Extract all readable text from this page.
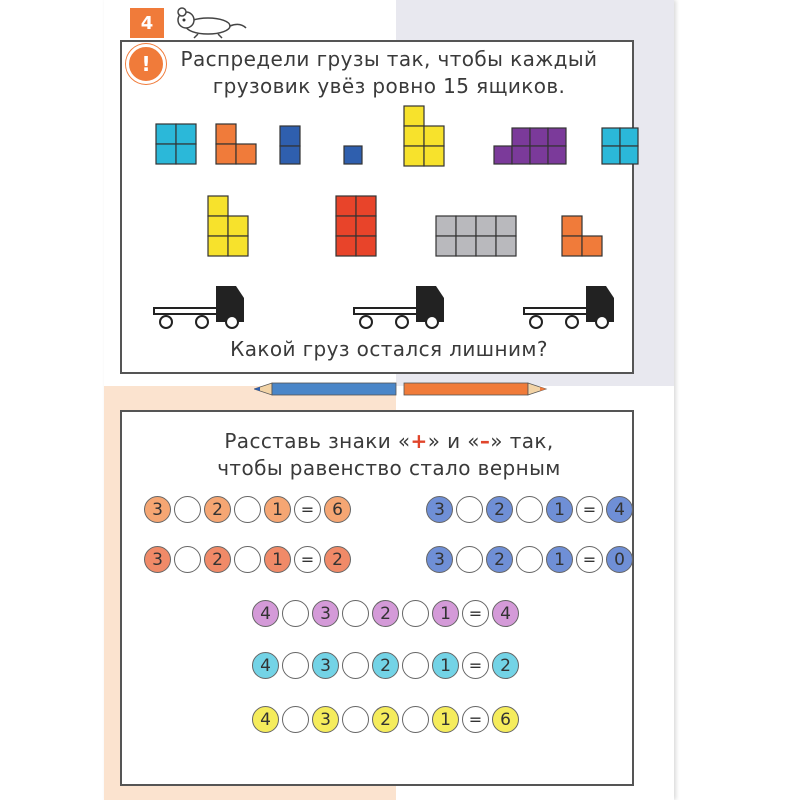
4
!	Распредели грузы так, чтобы каждый
грузовик увёз ровно 15 ящиков.
Какой груз остался лишним?
Расставь знаки «+» и «–» так,
чтобы равенство стало верным
3	2	1	=	6
3	2	1	=	2
3	2	1	=	4
3	2	1	=	0
4	3	2	1	=	4
4	3	2	1	=	2
4	3	2	1	=	6
